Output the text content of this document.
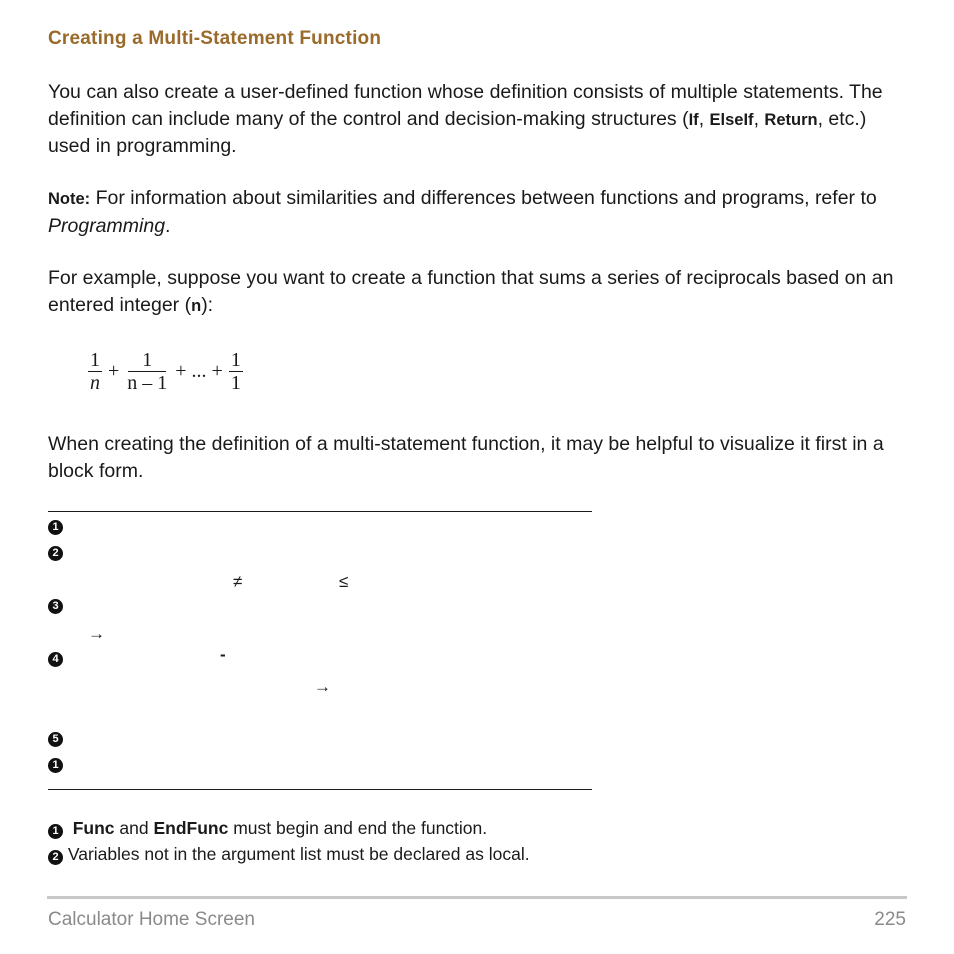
Creating a Multi-Statement Function
You can also create a user-defined function whose definition consists of multiple statements. The definition can include many of the control and decision-making structures (If, ElseIf, Return, etc.) used in programming.
Note: For information about similarities and differences between functions and programs, refer to Programming.
For example, suppose you want to create a function that sums a series of reciprocals based on an entered integer (n):
$\frac{1}{n} + \frac{1}{n - 1}$ + ... + $\frac{1}{1}$
When creating the definition of a multi-statement function, it may be helpful to visualize it first in a block form.
1
2
≠	≤
3
→
4	-
→
5
1
1 Func and EndFunc must begin and end the function.
2 Variables not in the argument list must be declared as local.
Calculator Home Screen	225
